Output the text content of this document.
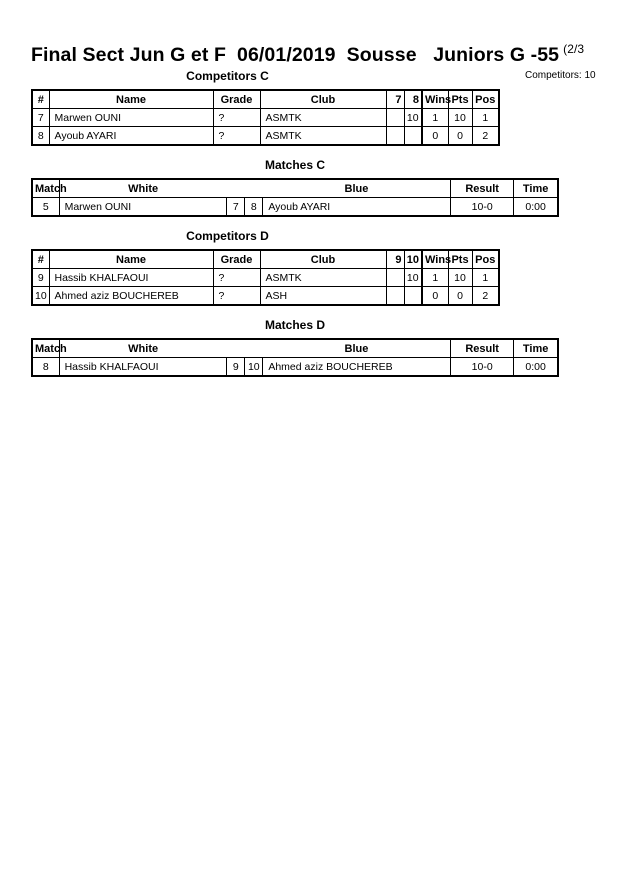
Final Sect Jun G et F 06/01/2019 Sousse Juniors G -55 $^{(2/3}$
Competitors: 10
Competitors C
#	Name	Grade	Club	7	8	Wins	Pts	Pos
7	Marwen OUNI	?	ASMTK		10	1	10	1
8	Ayoub AYARI	?	ASMTK			0	0	2
Matches C
Match	White			Blue	Result	Time
5	Marwen OUNI	7	8	Ayoub AYARI	10-0	0:00
Competitors D
#	Name	Grade	Club	9	10	Wins	Pts	Pos
9	Hassib KHALFAOUI	?	ASMTK		10	1	10	1
10	Ahmed aziz BOUCHEREB	?	ASH			0	0	2
Matches D
Match	White			Blue	Result	Time
8	Hassib KHALFAOUI	9	10	Ahmed aziz BOUCHEREB	10-0	0:00
